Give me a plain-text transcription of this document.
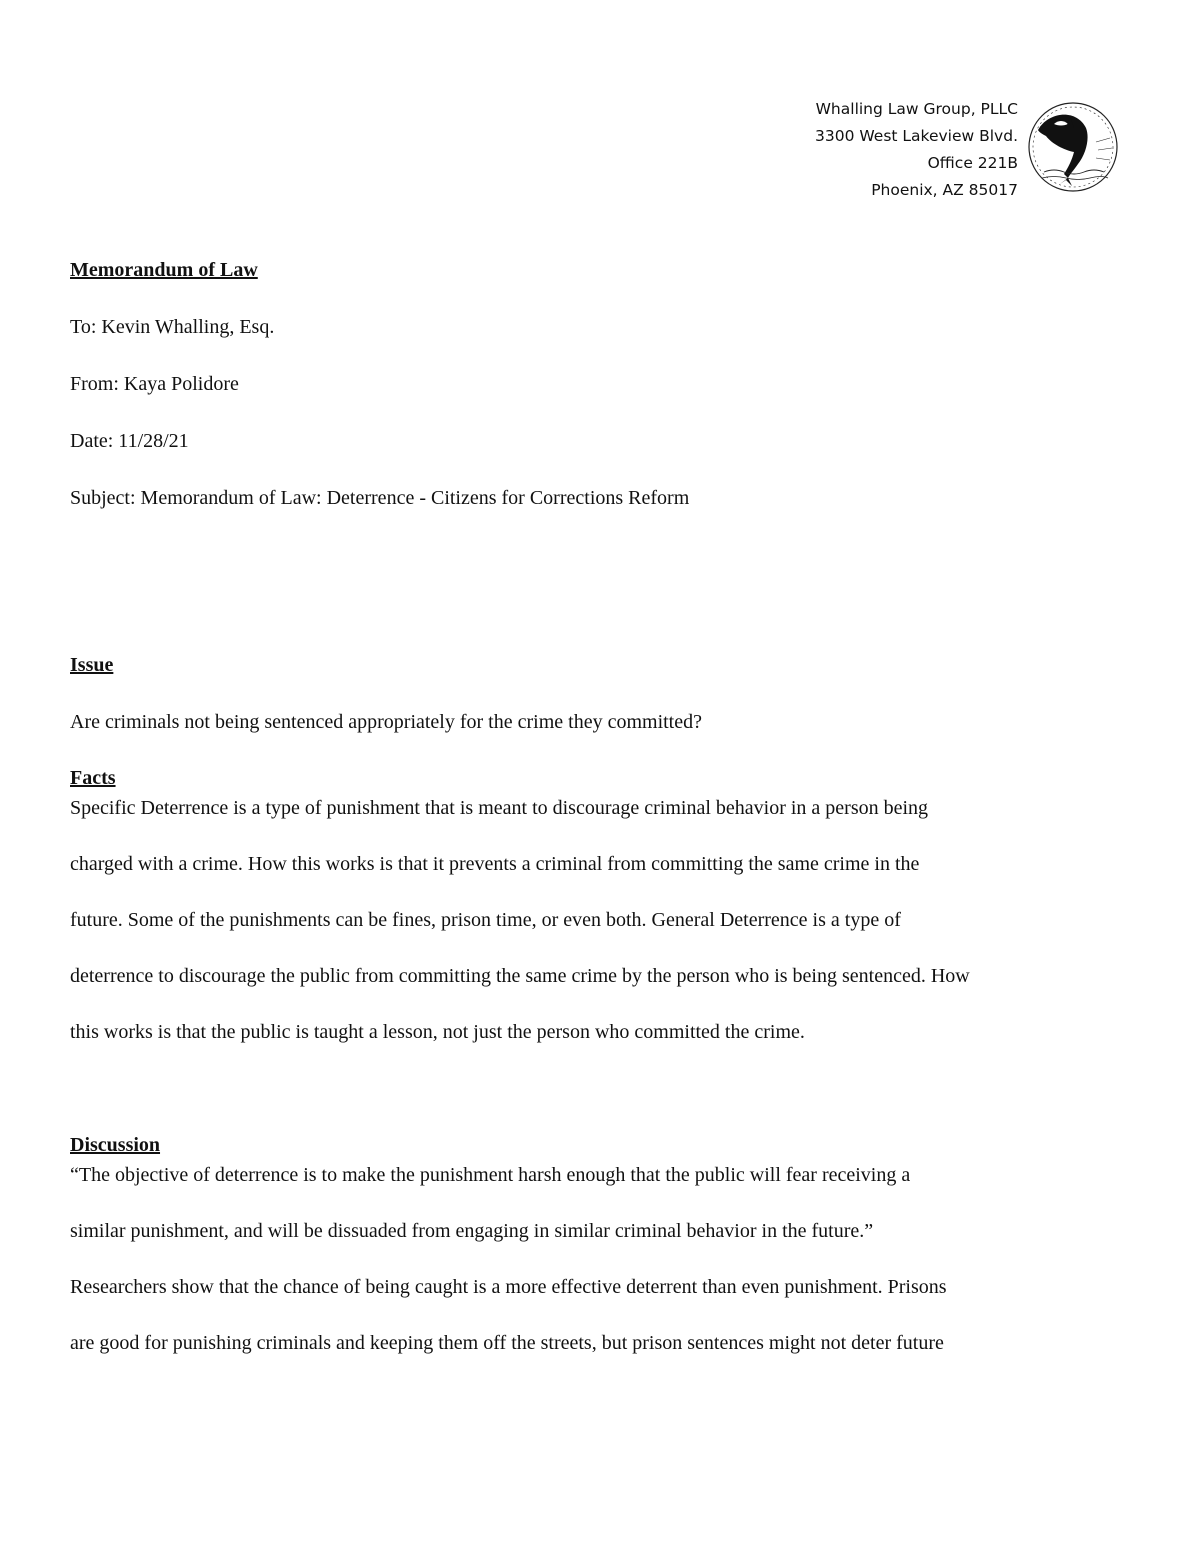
Whalling Law Group, PLLC
3300 West Lakeview Blvd.
Office 221B
Phoenix, AZ 85017

Memorandum of Law

To: Kevin Whalling, Esq.

From: Kaya Polidore

Date: 11/28/21

Subject: Memorandum of Law: Deterrence - Citizens for Corrections Reform

Issue

Are criminals not being sentenced appropriately for the crime they committed?

Facts

Specific Deterrence is a type of punishment that is meant to discourage criminal behavior in a person being

charged with a crime. How this works is that it prevents a criminal from committing the same crime in the

future. Some of the punishments can be fines, prison time, or even both. General Deterrence is a type of

deterrence to discourage the public from committing the same crime by the person who is being sentenced. How

this works is that the public is taught a lesson, not just the person who committed the crime.

Discussion

“The objective of deterrence is to make the punishment harsh enough that the public will fear receiving a

similar punishment, and will be dissuaded from engaging in similar criminal behavior in the future.”

Researchers show that the chance of being caught is a more effective deterrent than even punishment. Prisons

are good for punishing criminals and keeping them off the streets, but prison sentences might not deter future
